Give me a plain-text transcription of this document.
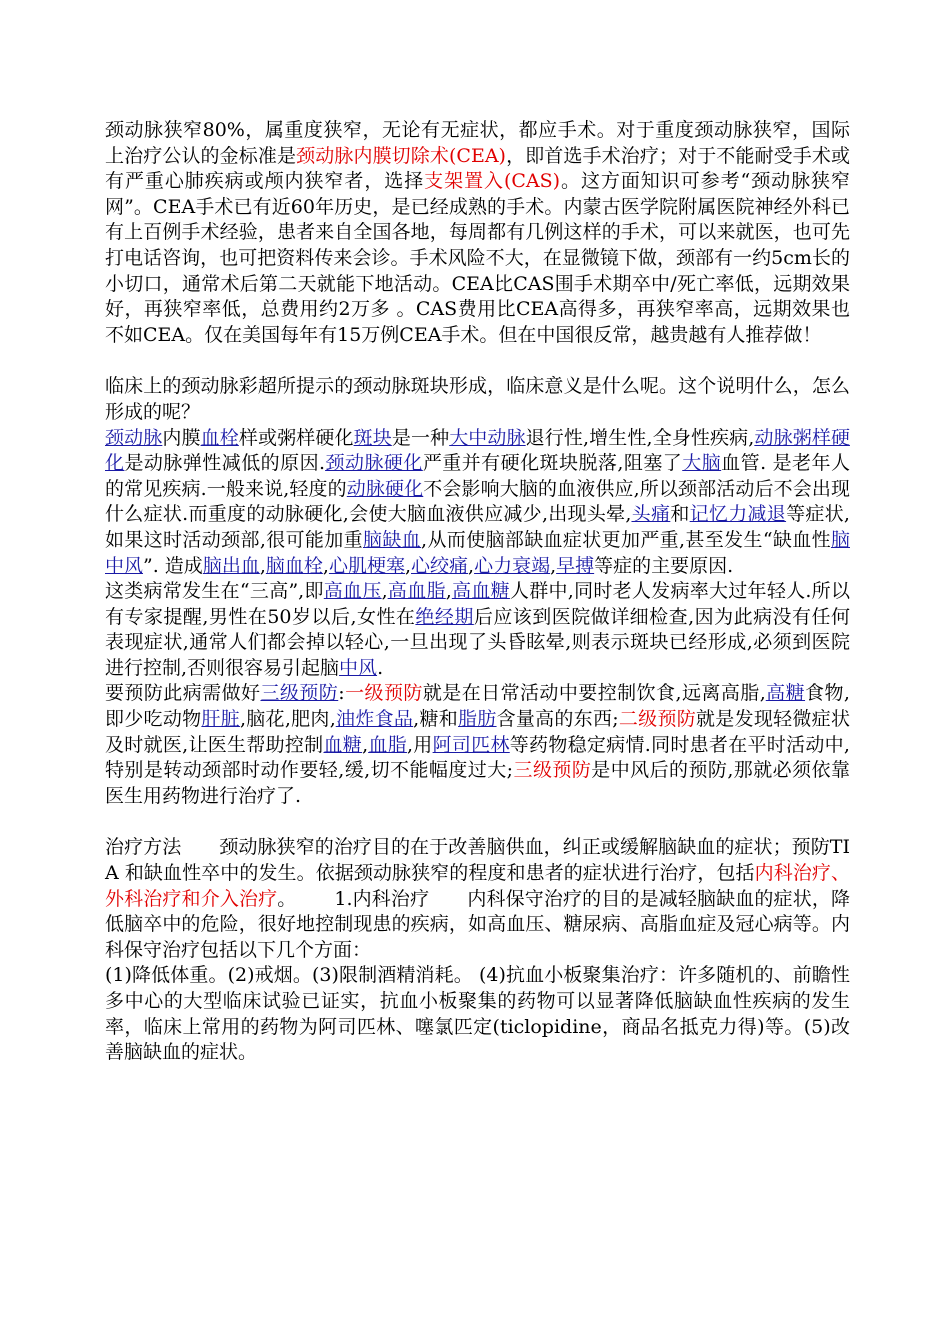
颈动脉狭窄80%，属重度狭窄，无论有无症状，都应手术。对于重度颈动脉狭窄，国际上治疗公认的金标准是颈动脉内膜切除术(CEA)，即首选手术治疗；对于不能耐受手术或有严重心肺疾病或颅内狭窄者，选择支架置入(CAS)。这方面知识可参考“颈动脉狭窄网”。CEA手术已有近60年历史，是已经成熟的手术。内蒙古医学院附属医院神经外科已有上百例手术经验，患者来自全国各地，每周都有几例这样的手术，可以来就医，也可先打电话咨询，也可把资料传来会诊。手术风险不大，在显微镜下做，颈部有一约5cm长的小切口，通常术后第二天就能下地活动。CEA比CAS围手术期卒中/死亡率低，远期效果好，再狭窄率低，总费用约2万多 。CAS费用比CEA高得多，再狭窄率高，远期效果也不如CEA。仅在美国每年有15万例CEA手术。但在中国很反常，越贵越有人推荐做！

临床上的颈动脉彩超所提示的颈动脉斑块形成，临床意义是什么呢。这个说明什么，怎么形成的呢？

颈动脉内膜血栓样或粥样硬化斑块是一种大中动脉退行性,增生性,全身性疾病,动脉粥样硬化是动脉弹性减低的原因.颈动脉硬化严重并有硬化斑块脱落,阻塞了大脑血管. 是老年人的常见疾病.一般来说,轻度的动脉硬化不会影响大脑的血液供应,所以颈部活动后不会出现什么症状.而重度的动脉硬化,会使大脑血液供应减少,出现头晕,头痛和记忆力减退等症状,如果这时活动颈部,很可能加重脑缺血,从而使脑部缺血症状更加严重,甚至发生“缺血性脑中风”. 造成脑出血,脑血栓,心肌梗塞,心绞痛,心力衰竭,早搏等症的主要原因.

这类病常发生在“三高”,即高血压,高血脂,高血糖人群中,同时老人发病率大过年轻人.所以有专家提醒,男性在50岁以后,女性在绝经期后应该到医院做详细检查,因为此病没有任何表现症状,通常人们都会掉以轻心,一旦出现了头昏眩晕,则表示斑块已经形成,必须到医院进行控制,否则很容易引起脑中风.

要预防此病需做好三级预防:一级预防就是在日常活动中要控制饮食,远离高脂,高糖食物,即少吃动物肝脏,脑花,肥肉,油炸食品,糖和脂肪含量高的东西;二级预防就是发现轻微症状及时就医,让医生帮助控制血糖,血脂,用阿司匹林等药物稳定病情.同时患者在平时活动中,特别是转动颈部时动作要轻,缓,切不能幅度过大;三级预防是中风后的预防,那就必须依靠医生用药物进行治疗了.

治疗方法 颈动脉狭窄的治疗目的在于改善脑供血，纠正或缓解脑缺血的症状；预防TIA 和缺血性卒中的发生。依据颈动脉狭窄的程度和患者的症状进行治疗，包括内科治疗、外科治疗和介入治疗。 1.内科治疗 内科保守治疗的目的是减轻脑缺血的症状，降低脑卒中的危险，很好地控制现患的疾病，如高血压、糖尿病、高脂血症及冠心病等。内科保守治疗包括以下几个方面：

(1)降低体重。(2)戒烟。(3)限制酒精消耗。 (4)抗血小板聚集治疗：许多随机的、前瞻性多中心的大型临床试验已证实，抗血小板聚集的药物可以显著降低脑缺血性疾病的发生率，临床上常用的药物为阿司匹林、噻氯匹定(ticlopidine，商品名抵克力得)等。(5)改善脑缺血的症状。
